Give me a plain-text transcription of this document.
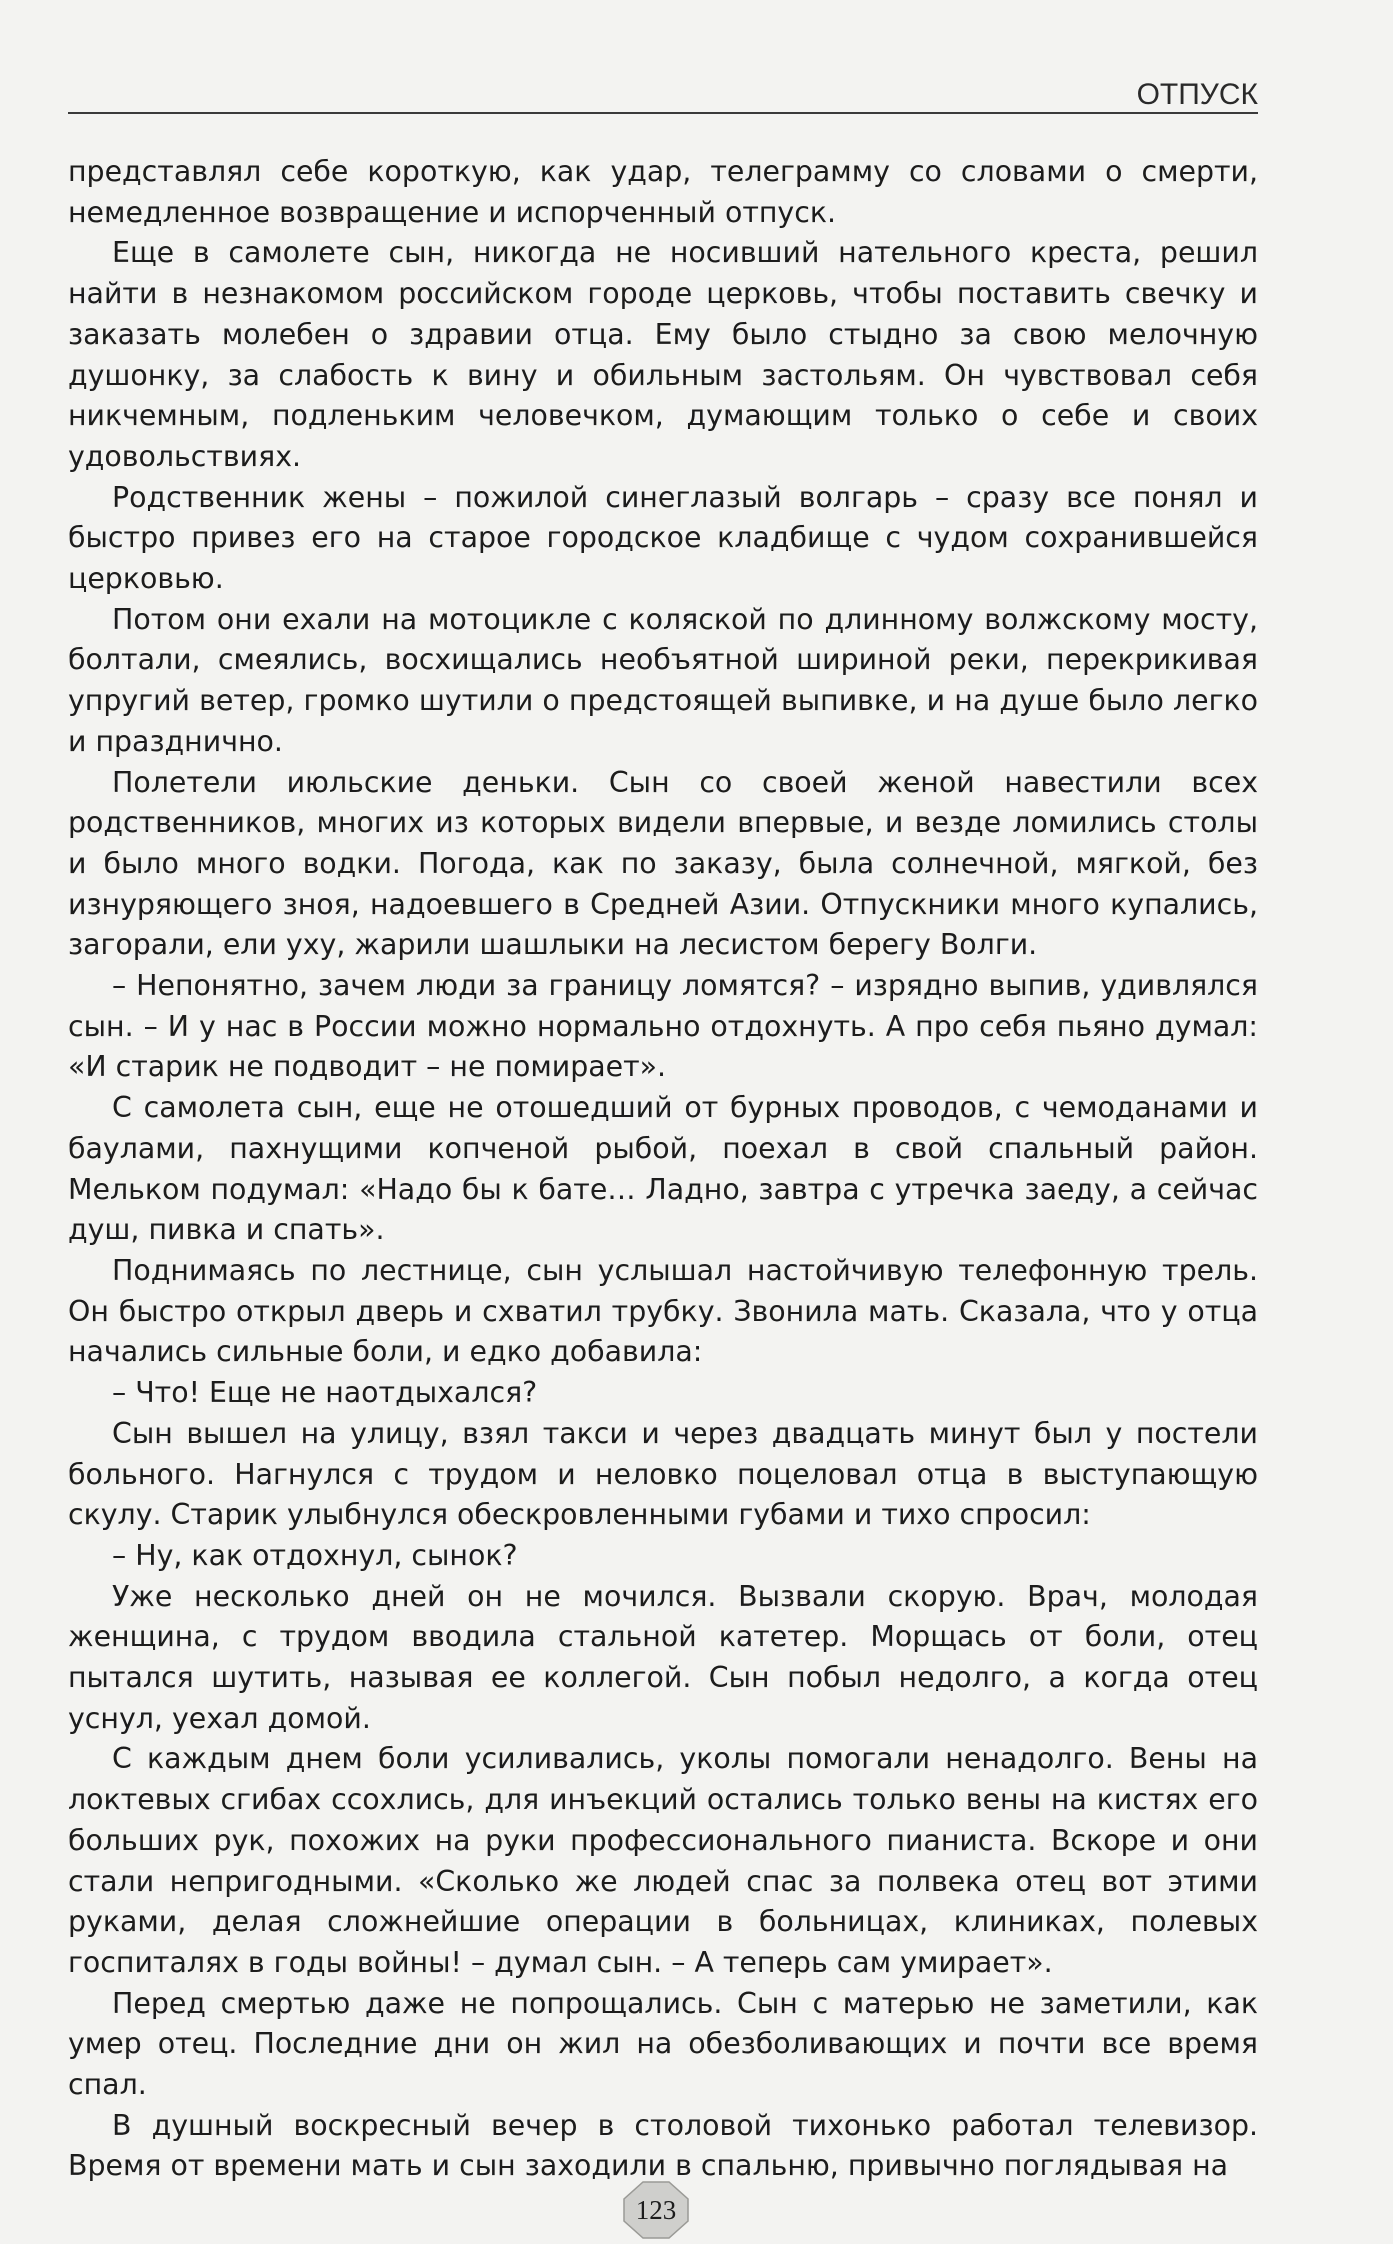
ОТПУСК

представлял себе короткую, как удар, телеграмму со словами о смерти, немедленное возвращение и испорченный отпуск.

Еще в самолете сын, никогда не носивший нательного креста, решил найти в незнакомом российском городе церковь, чтобы поставить свечку и заказать молебен о здравии отца. Ему было стыдно за свою мелочную душонку, за слабость к вину и обильным застольям. Он чувствовал себя никчемным, подленьким человечком, думающим только о себе и своих удовольствиях.

Родственник жены – пожилой синеглазый волгарь – сразу все понял и быстро привез его на старое городское кладбище с чудом сохранившейся церковью.

Потом они ехали на мотоцикле с коляской по длинному волжскому мосту, болтали, смеялись, восхищались необъятной шириной реки, перекрикивая упругий ветер, громко шутили о предстоящей выпивке, и на душе было легко и празднично.

Полетели июльские деньки. Сын со своей женой навестили всех родственников, многих из которых видели впервые, и везде ломились столы и было много водки. Погода, как по заказу, была солнечной, мягкой, без изнуряющего зноя, надоевшего в Средней Азии. Отпускники много купались, загорали, ели уху, жарили шашлыки на лесистом берегу Волги.

– Непонятно, зачем люди за границу ломятся? – изрядно выпив, удивлялся сын. – И у нас в России можно нормально отдохнуть. А про себя пьяно думал: «И старик не подводит – не помирает».

С самолета сын, еще не отошедший от бурных проводов, с чемоданами и баулами, пахнущими копченой рыбой, поехал в свой спальный район. Мельком подумал: «Надо бы к бате… Ладно, завтра с утречка заеду, а сейчас душ, пивка и спать».

Поднимаясь по лестнице, сын услышал настойчивую телефонную трель. Он быстро открыл дверь и схватил трубку. Звонила мать. Сказала, что у отца начались сильные боли, и едко добавила:

– Что! Еще не наотдыхался?

Сын вышел на улицу, взял такси и через двадцать минут был у постели больного. Нагнулся с трудом и неловко поцеловал отца в выступающую скулу. Старик улыбнулся обескровленными губами и тихо спросил:

– Ну, как отдохнул, сынок?

Уже несколько дней он не мочился. Вызвали скорую. Врач, молодая женщина, с трудом вводила стальной катетер. Морщась от боли, отец пытался шутить, называя ее коллегой. Сын побыл недолго, а когда отец уснул, уехал домой.

С каждым днем боли усиливались, уколы помогали ненадолго. Вены на локтевых сгибах ссохлись, для инъекций остались только вены на кистях его больших рук, похожих на руки профессионального пианиста. Вскоре и они стали непригодными. «Сколько же людей спас за полвека отец вот этими руками, делая сложнейшие операции в больницах, клиниках, полевых госпиталях в годы войны! – думал сын. – А теперь сам умирает».

Перед смертью даже не попрощались. Сын с матерью не заметили, как умер отец. Последние дни он жил на обезболивающих и почти все время спал.

В душный воскресный вечер в столовой тихонько работал телевизор. Время от времени мать и сын заходили в спальню, привычно поглядывая на

123
